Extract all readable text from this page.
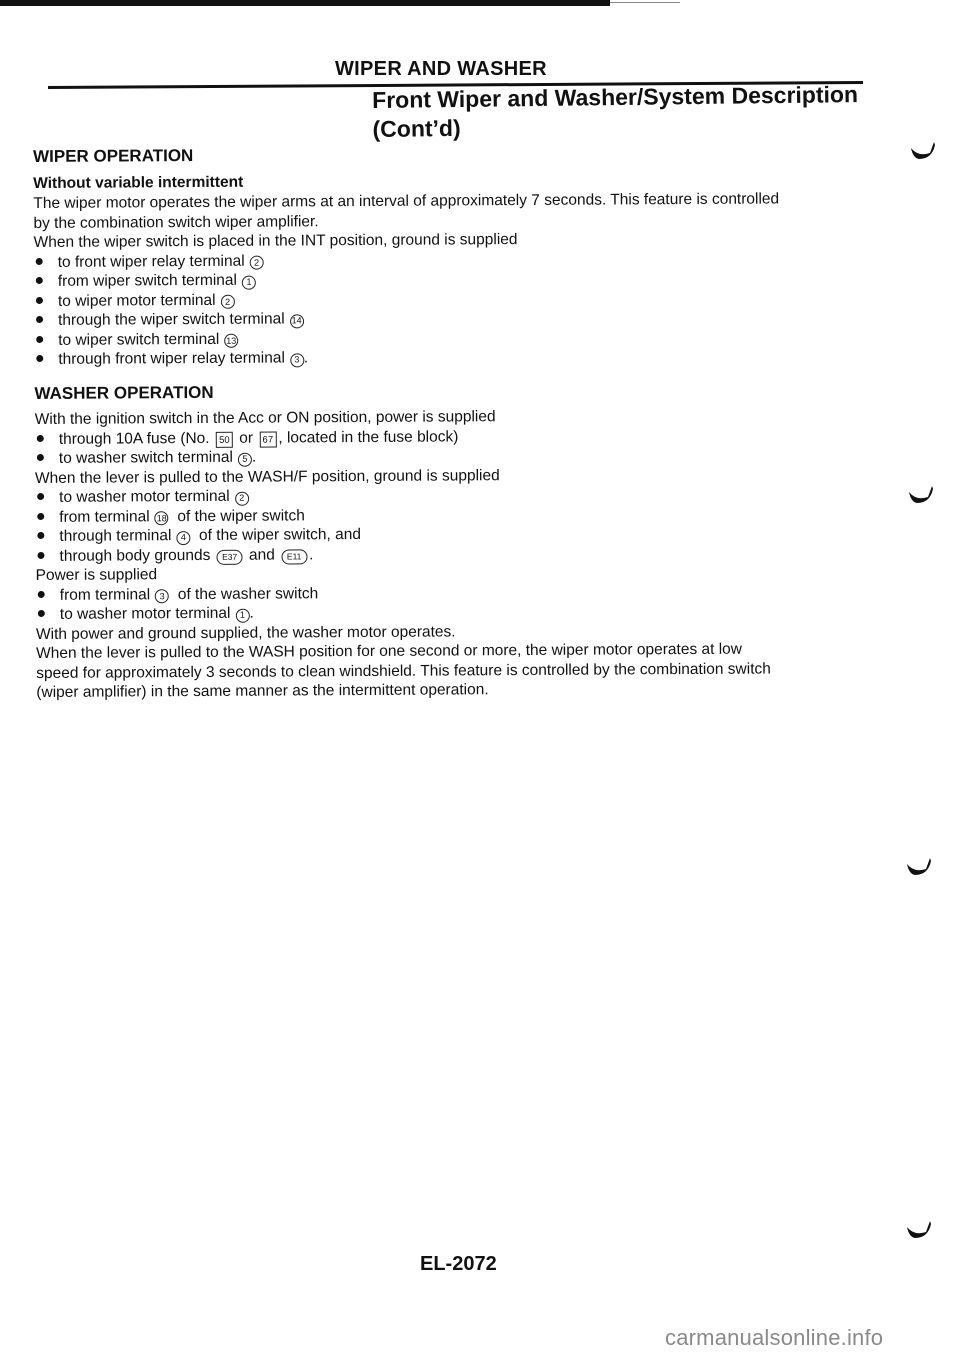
WIPER AND WASHER
Front Wiper and Washer/System Description
(Cont’d)
WIPER OPERATION
Without variable intermittent
The wiper motor operates the wiper arms at an interval of approximately 7 seconds. This feature is controlled
by the combination switch wiper amplifier.
When the wiper switch is placed in the INT position, ground is supplied
to front wiper relay terminal	2
from wiper switch terminal	1
to wiper motor terminal	2
through the wiper switch terminal 14
to wiper switch terminal 13
through front wiper relay terminal	3 .
WASHER OPERATION
With the ignition switch in the Acc or ON position, power is supplied
through 10A fuse (No.
50
or
67 , located in the fuse block)
to washer switch terminal	5 .
When the lever is pulled to the WASH/F position, ground is supplied
to washer motor terminal	2
from terminal 18
of the wiper switch
through terminal	4
of the wiper switch, and
through body grounds
	E37
and
	E11 .
Power is supplied
from terminal	3
of the washer switch
to washer motor terminal	1 .
With power and ground supplied, the washer motor operates.
When the lever is pulled to the WASH position for one second or more, the wiper motor operates at low
speed for approximately 3 seconds to clean windshield. This feature is controlled by the combination switch
(wiper amplifier) in the same manner as the intermittent operation.
EL-2072
carmanualsonline.info
